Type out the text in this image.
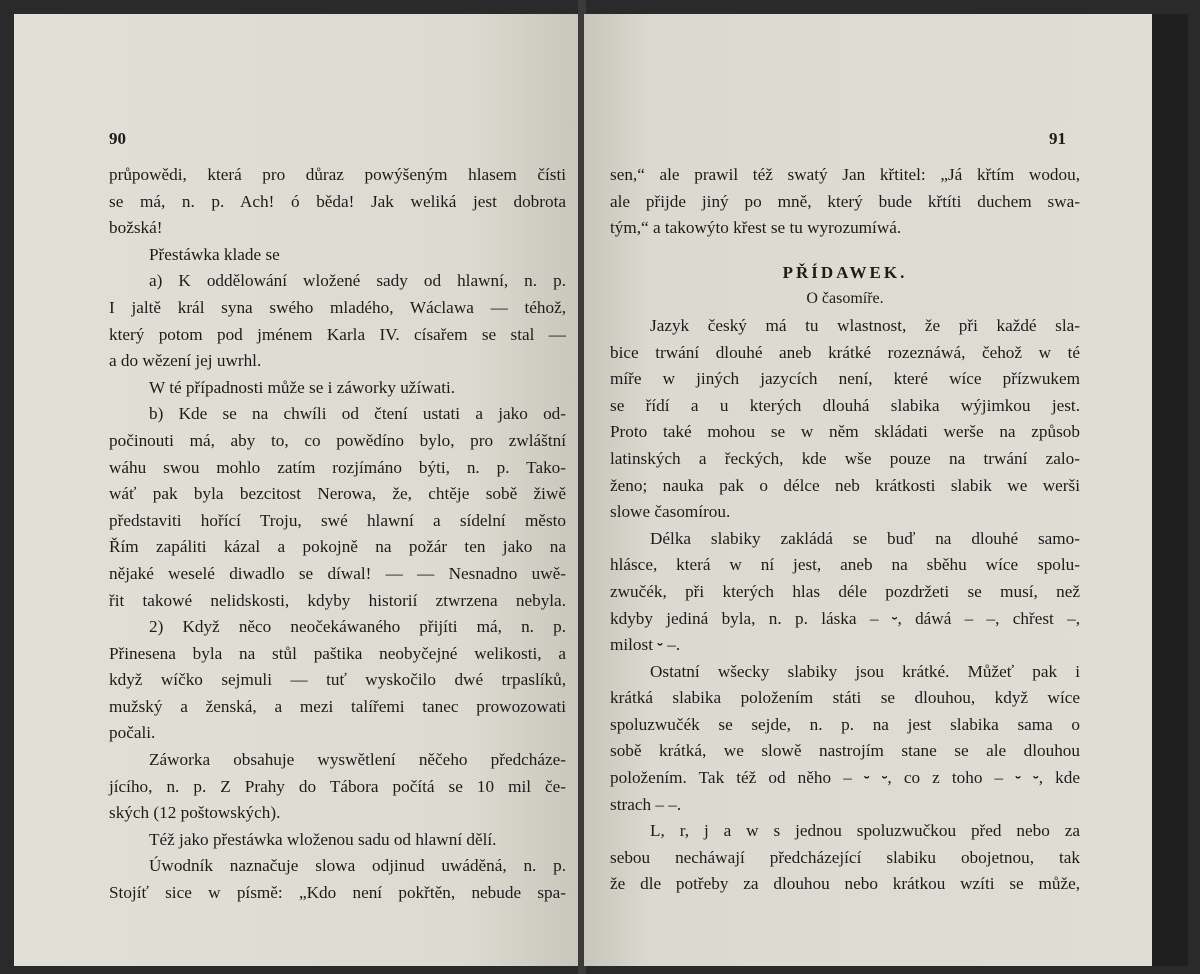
90
průpowědi, která pro důraz powýšeným hlasem čísti
se má, n. p. Ach! ó běda! Jak weliká jest dobrota
božská!
Přestáwka klade se
a) K oddělowání wložené sady od hlawní, n. p.
I jaltě král syna swého mladého, Wáclawa — téhož,
který potom pod jménem Karla IV. císařem se stal —
a do wězení jej uwrhl.
W té případnosti může se i záworky užíwati.
b) Kde se na chwíli od čtení ustati a jako od-
počinouti má, aby to, co powědíno bylo, pro zwláštní
wáhu swou mohlo zatím rozjímáno býti, n. p. Tako-
wáť pak byla bezcitost Nerowa, že, chtěje sobě žiwě
představiti hořící Troju, swé hlawní a sídelní město
Řím zapáliti kázal a pokojně na požár ten jako na
nějaké weselé diwadlo se díwal! — — Nesnadno uwě-
řit takowé nelidskosti, kdyby historií ztwrzena nebyla.
2) Když něco neočekáwaného přijíti má, n. p.
Přinesena byla na stůl paštika neobyčejné welikosti, a
když wíčko sejmuli — tuť wyskočilo dwé trpaslíků,
mužský a ženská, a mezi talířemi tanec prowozowati
počali.
Záworka obsahuje wyswětlení něčeho předcháze-
jícího, n. p. Z Prahy do Tábora počítá se 10 mil če-
ských (12 poštowských).
Též jako přestáwka wloženou sadu od hlawní dělí.
Úwodník naznačuje slowa odjinud uwáděná, n. p.
Stojíť sice w písmě: „Kdo není pokřtěn, nebude spa-
91
sen,“ ale prawil též swatý Jan křtitel: „Já křtím wodou,
ale přijde jiný po mně, který bude křtíti duchem swa-
tým,“ a takowýto křest se tu wyrozumíwá.
PŘÍDAWEK.
O časomíře.
Jazyk český má tu wlastnost, že při každé sla-
bice trwání dlouhé aneb krátké rozeznáwá, čehož w té
míře w jiných jazycích není, které wíce přízwukem
se řídí a u kterých dlouhá slabika wýjimkou jest.
Proto také mohou se w něm skládati werše na způsob
latinských a řeckých, kde wše pouze na trwání zalo-
ženo; nauka pak o délce neb krátkosti slabik we werši
slowe časomírou.
Délka slabiky zakládá se buď na dlouhé samo-
hlásce, která w ní jest, aneb na sběhu wíce spolu-
zwučék, při kterých hlas déle pozdržeti se musí, než
kdyby jediná byla, n. p. láska – ⏑, dáwá – –, chřest –,
milost ⏑ –.
Ostatní wšecky slabiky jsou krátké. Můžeť pak i
krátká slabika položením státi se dlouhou, když wíce
spoluzwučék se sejde, n. p. na jest slabika sama o
sobě krátká, we slowě nastrojím stane se ale dlouhou
položením. Tak též od něho – ⏑ ⏑, co z toho – ⏑ ⏑, kde
strach – –.
L, r, j a w s jednou spoluzwučkou před nebo za
sebou necháwají předcházející slabiku obojetnou, tak
že dle potřeby za dlouhou nebo krátkou wzíti se může,
